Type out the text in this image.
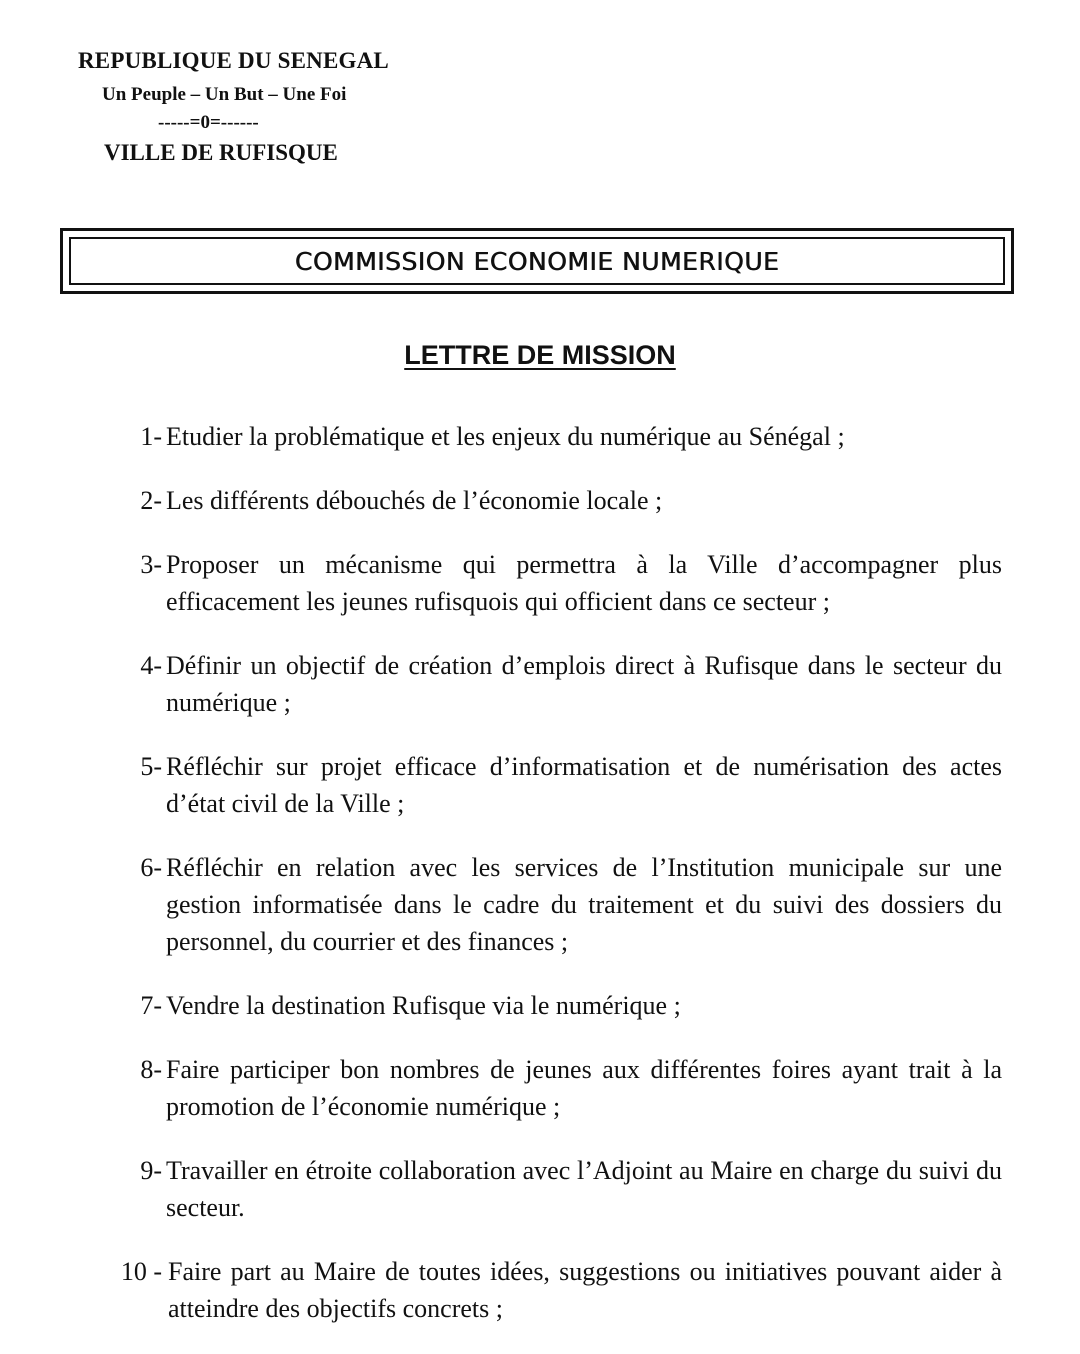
REPUBLIQUE DU SENEGAL
Un Peuple – Un But – Une Foi
-----=0=------
VILLE DE RUFISQUE
COMMISSION ECONOMIE NUMERIQUE
LETTRE DE MISSION
1- Etudier la problématique et les enjeux du numérique au Sénégal ;
2- Les différents débouchés de l’économie locale ;
3- Proposer un mécanisme qui permettra à la Ville d’accompagner plus efficacement les jeunes rufisquois qui officient dans ce secteur ;
4- Définir un objectif de création d’emplois direct à Rufisque dans le secteur du numérique ;
5- Réfléchir sur projet efficace d’informatisation et de numérisation des actes d’état civil de la Ville ;
6- Réfléchir en relation avec les services de l’Institution municipale sur une gestion informatisée dans le cadre du traitement et du suivi des dossiers du personnel, du courrier et des finances ;
7- Vendre la destination Rufisque via le numérique ;
8- Faire participer bon nombres de jeunes aux différentes foires ayant trait à la promotion de l’économie numérique ;
9- Travailler en étroite collaboration avec l’Adjoint au Maire en charge du suivi du secteur.
10 - Faire part au Maire de toutes idées, suggestions ou initiatives pouvant aider à atteindre des objectifs concrets ;
